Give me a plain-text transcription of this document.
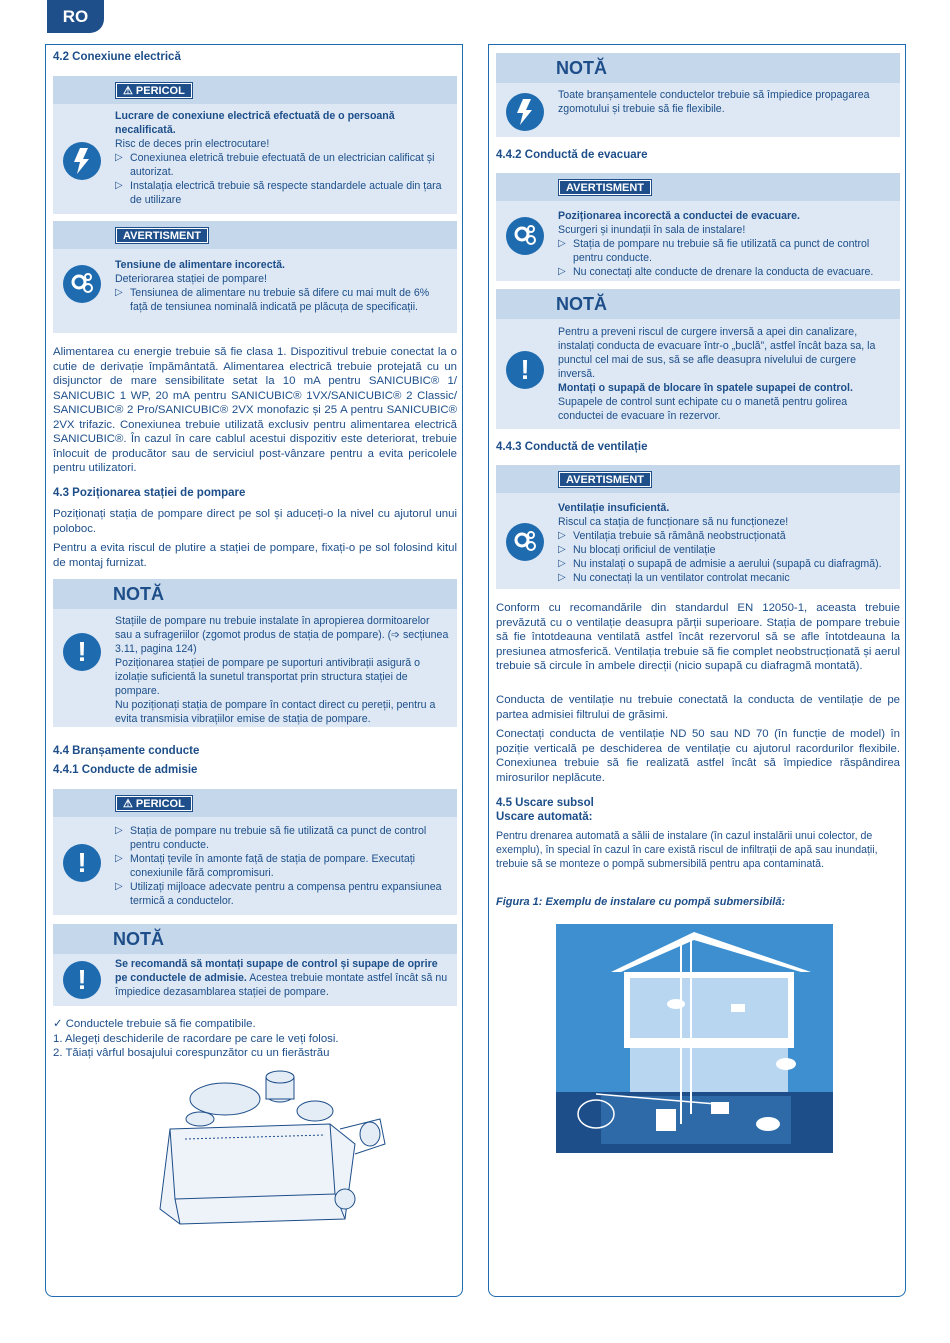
RO
4.2 Conexiune electrică
⚠ PERICOL
Lucrare de conexiune electrică efectuată de o persoană necalificată.
Risc de deces prin electrocutare!
▷ Conexiunea eletrică trebuie efectuată de un electrician calificat și autorizat.
▷ Instalația electrică trebuie să respecte standardele actuale din țara de utilizare
AVERTISMENT
Tensiune de alimentare incorectă.
Deteriorarea stației de pompare!
▷ Tensiunea de alimentare nu trebuie să difere cu mai mult de 6% față de tensiunea nominală indicată pe plăcuța de specificații.
Alimentarea cu energie trebuie să fie clasa 1. Dispozitivul trebuie conectat la o cutie de derivație împământată. Alimentarea electrică trebuie protejată cu un disjunctor de mare sensibilitate setat la 10 mA pentru SANICUBIC® 1/ SANICUBIC 1 WP, 20 mA pentru SANICUBIC® 1VX/SANICUBIC® 2 Classic/ SANICUBIC® 2 Pro/SANICUBIC® 2VX monofazic și 25 A pentru SANICUBIC® 2VX trifazic. Conexiunea trebuie utilizată exclusiv pentru alimentarea electrică SANICUBIC®. În cazul în care cablul acestui dispozitiv este deteriorat, trebuie înlocuit de producător sau de serviciul post-vânzare pentru a evita pericolele pentru utilizatori.
4.3 Poziționarea stației de pompare
Poziționați stația de pompare direct pe sol și aduceți-o la nivel cu ajutorul unui poloboc.
Pentru a evita riscul de plutire a stației de pompare, fixați-o pe sol folosind kitul de montaj furnizat.
NOTĂ
!
Stațiile de pompare nu trebuie instalate în apropierea dormitoarelor sau a sufrageriilor (zgomot produs de stația de pompare). (➩ secțiunea 3.11, pagina 124)
Poziționarea stației de pompare pe suporturi antivibrații asigură o izolație suficientă la sunetul transportat prin structura stației de pompare.
Nu poziționați stația de pompare în contact direct cu pereții, pentru a evita transmisia vibrațiilor emise de stația de pompare.
4.4 Branșamente conducte
4.4.1 Conducte de admisie
⚠ PERICOL
!
▷ Stația de pompare nu trebuie să fie utilizată ca punct de control pentru conducte.
▷ Montați țevile în amonte față de stația de pompare. Executați conexiunile fără compromisuri.
▷ Utilizați mijloace adecvate pentru a compensa pentru expansiunea termică a conductelor.
NOTĂ
!	Se recomandă să montați supape de control și supape de oprire pe conductele de admisie. Acestea trebuie montate astfel încât să nu împiedice dezasamblarea stației de pompare.
✓ Conductele trebuie să fie compatibile.
1. Alegeți deschiderile de racordare pe care le veți folosi.
2. Tăiați vârful bosajului corespunzător cu un fierăstrău
NOTĂ
Toate branșamentele conductelor trebuie să împiedice propagarea zgomotului și trebuie să fie flexibile.
4.4.2 Conductă de evacuare
AVERTISMENT
Poziționarea incorectă a conductei de evacuare.
Scurgeri și inundații în sala de instalare!
▷ Stația de pompare nu trebuie să fie utilizată ca punct de control pentru conducte.
▷ Nu conectați alte conducte de drenare la conducta de evacuare.
NOTĂ
!
Pentru a preveni riscul de curgere inversă a apei din canalizare, instalați conducta de evacuare într-o „buclă”, astfel încât baza sa, la punctul cel mai de sus, să se afle deasupra nivelului de curgere inversă.
Montați o supapă de blocare în spatele supapei de control.
Supapele de control sunt echipate cu o manetă pentru golirea conductei de evacuare în rezervor.
4.4.3 Conductă de ventilație
AVERTISMENT
Ventilație insuficientă.
Riscul ca stația de funcționare să nu funcționeze!
▷ Ventilația trebuie să rămână neobstrucționată
▷ Nu blocați orificiul de ventilație
▷ Nu instalați o supapă de admisie a aerului (supapă cu diafragmă).
▷ Nu conectați la un ventilator controlat mecanic
Conform cu recomandările din standardul EN 12050-1, aceasta trebuie prevăzută cu o ventilație deasupra părții superioare. Stația de pompare trebuie să fie întotdeauna ventilată astfel încât rezervorul să se afle întotdeauna la presiunea atmosferică. Ventilația trebuie să fie complet neobstrucționată și aerul trebuie să circule în ambele direcții (nicio supapă cu diafragmă montată).
Conducta de ventilație nu trebuie conectată la conducta de ventilație de pe partea admisiei filtrului de grăsimi.
Conectați conducta de ventilație ND 50 sau ND 70 (în funcție de model) în poziție verticală pe deschiderea de ventilație cu ajutorul racordurilor flexibile. Conexiunea trebuie să fie realizată astfel încât să împiedice răspândirea mirosurilor neplăcute.
4.5 Uscare subsol
Uscare automată:
Pentru drenarea automată a sălii de instalare (în cazul instalării unui colector, de exemplu), în special în cazul în care există riscul de infiltrații de apă sau inundații, trebuie să se monteze o pompă submersibilă pentru apa contaminată.
Figura 1: Exemplu de instalare cu pompă submersibilă:
